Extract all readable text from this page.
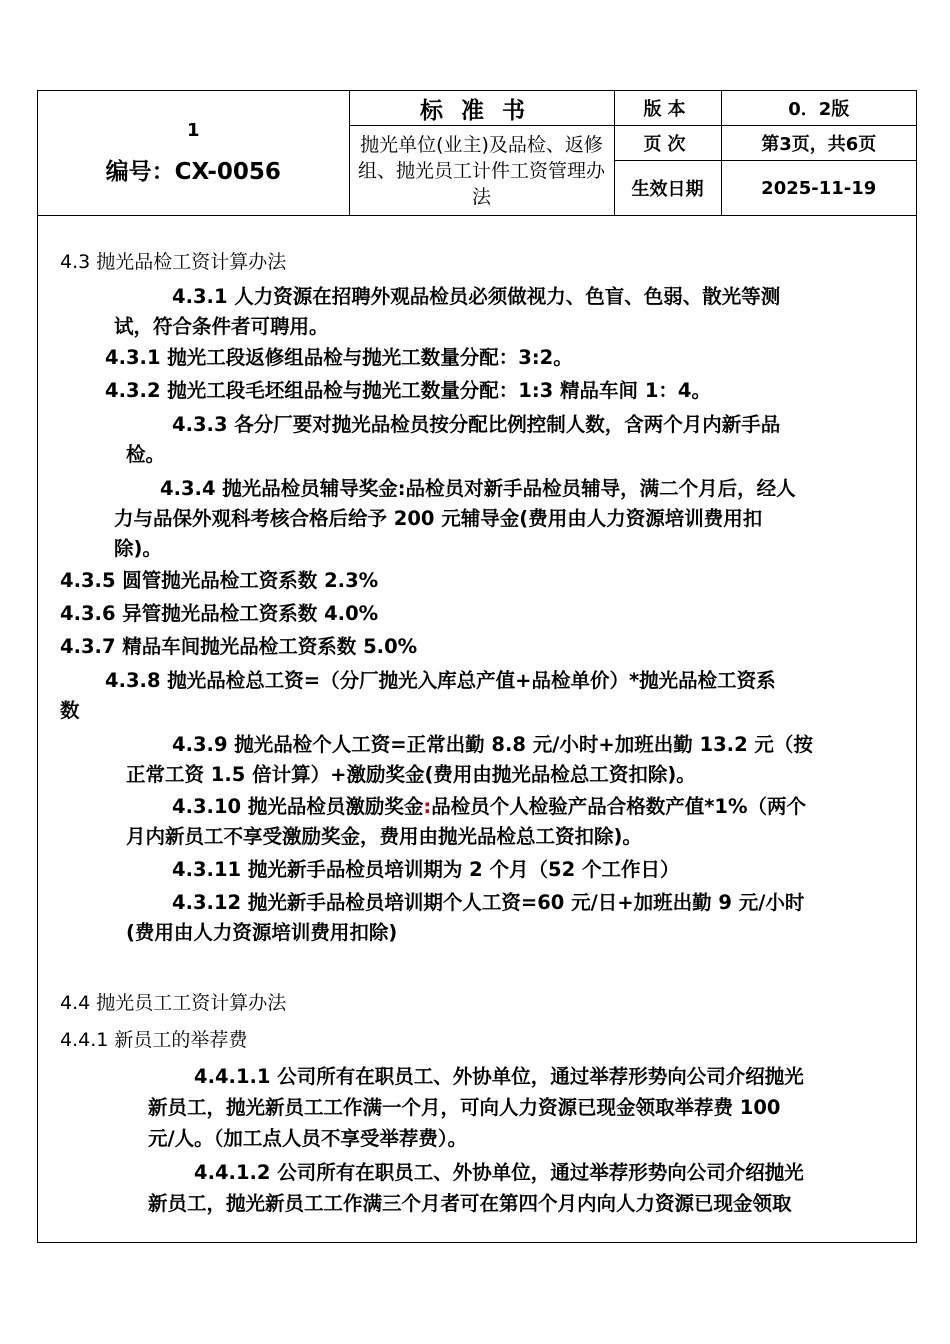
1
编号：CX-0056	标准书	版本	0．2版
	抛光单位(业主)及品检、返修组、抛光员工计件工资管理办法	页次	第3页，共6页
		生效日期	2025-11-19
4.3 抛光品检工资计算办法
4.3.1 人力资源在招聘外观品检员必须做视力、色盲、色弱、散光等测
试，符合条件者可聘用。
4.3.1 抛光工段返修组品检与抛光工数量分配：3:2。
4.3.2 抛光工段毛坯组品检与抛光工数量分配：1:3 精品车间 1：4。
4.3.3 各分厂要对抛光品检员按分配比例控制人数，含两个月内新手品
检。
4.3.4 抛光品检员辅导奖金:品检员对新手品检员辅导，满二个月后，经人
力与品保外观科考核合格后给予 200 元辅导金(费用由人力资源培训费用扣
除)。
4.3.5 圆管抛光品检工资系数 2.3%
4.3.6 异管抛光品检工资系数 4.0%
4.3.7 精品车间抛光品检工资系数 5.0%
4.3.8 抛光品检总工资=（分厂抛光入库总产值+品检单价）*抛光品检工资系
数
4.3.9 抛光品检个人工资=正常出勤 8.8 元/小时+加班出勤 13.2 元（按
正常工资 1.5 倍计算）+激励奖金(费用由抛光品检总工资扣除)。
4.3.10 抛光品检员激励奖金:品检员个人检验产品合格数产值*1%（两个
月内新员工不享受激励奖金，费用由抛光品检总工资扣除)。
4.3.11 抛光新手品检员培训期为 2 个月（52 个工作日）
4.3.12 抛光新手品检员培训期个人工资=60 元/日+加班出勤 9 元/小时
(费用由人力资源培训费用扣除)
4.4 抛光员工工资计算办法
4.4.1 新员工的举荐费
4.4.1.1 公司所有在职员工、外协单位，通过举荐形势向公司介绍抛光
新员工，抛光新员工工作满一个月，可向人力资源已现金领取举荐费 100
元/人。（加工点人员不享受举荐费）。
4.4.1.2 公司所有在职员工、外协单位，通过举荐形势向公司介绍抛光
新员工，抛光新员工工作满三个月者可在第四个月内向人力资源已现金领取
